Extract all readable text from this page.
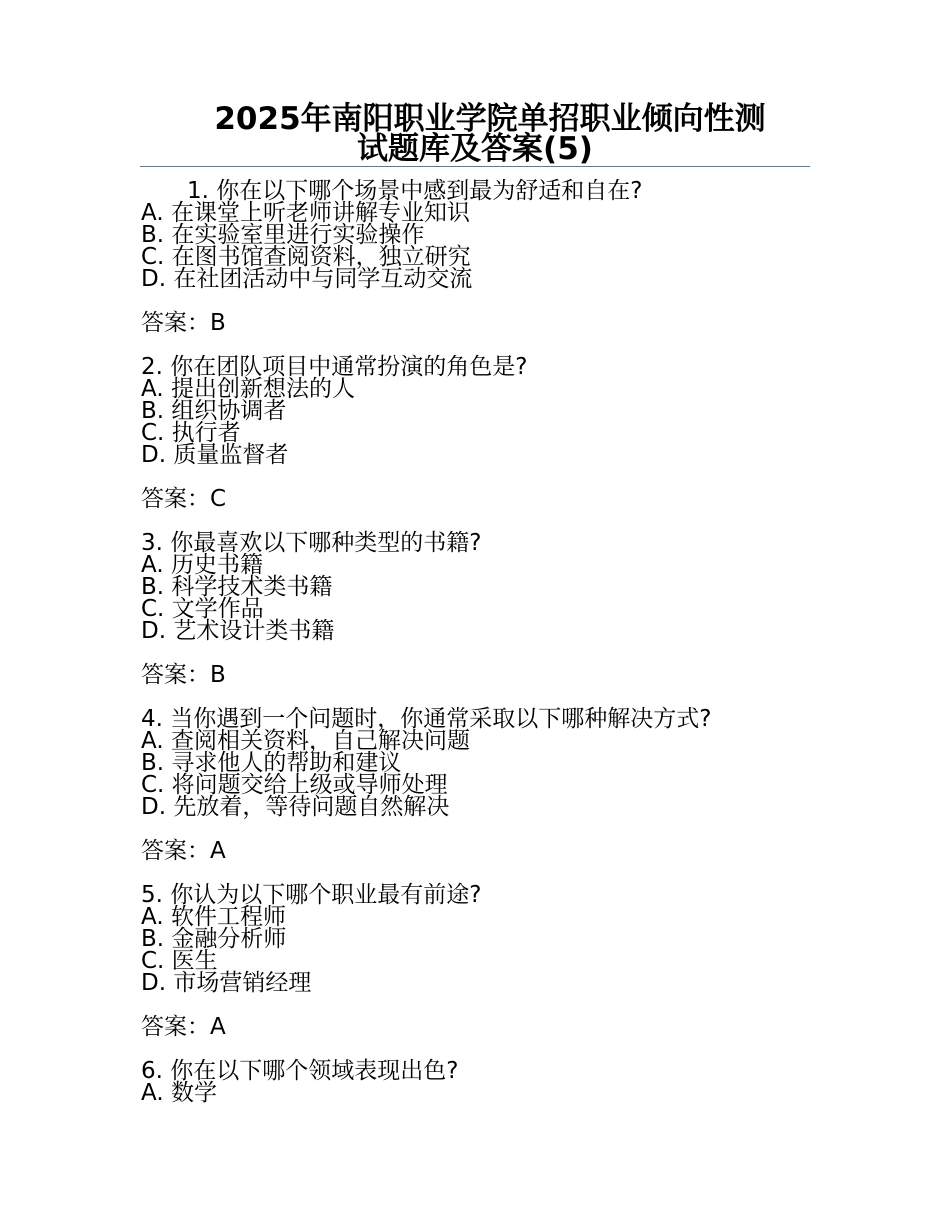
2025年南阳职业学院单招职业倾向性测
试题库及答案(5)
1. 你在以下哪个场景中感到最为舒适和自在?
A. 在课堂上听老师讲解专业知识
B. 在实验室里进行实验操作
C. 在图书馆查阅资料，独立研究
D. 在社团活动中与同学互动交流
答案：B
2. 你在团队项目中通常扮演的角色是?
A. 提出创新想法的人
B. 组织协调者
C. 执行者
D. 质量监督者
答案：C
3. 你最喜欢以下哪种类型的书籍?
A. 历史书籍
B. 科学技术类书籍
C. 文学作品
D. 艺术设计类书籍
答案：B
4. 当你遇到一个问题时，你通常采取以下哪种解决方式?
A. 查阅相关资料，自己解决问题
B. 寻求他人的帮助和建议
C. 将问题交给上级或导师处理
D. 先放着，等待问题自然解决
答案：A
5. 你认为以下哪个职业最有前途?
A. 软件工程师
B. 金融分析师
C. 医生
D. 市场营销经理
答案：A
6. 你在以下哪个领域表现出色?
A. 数学
